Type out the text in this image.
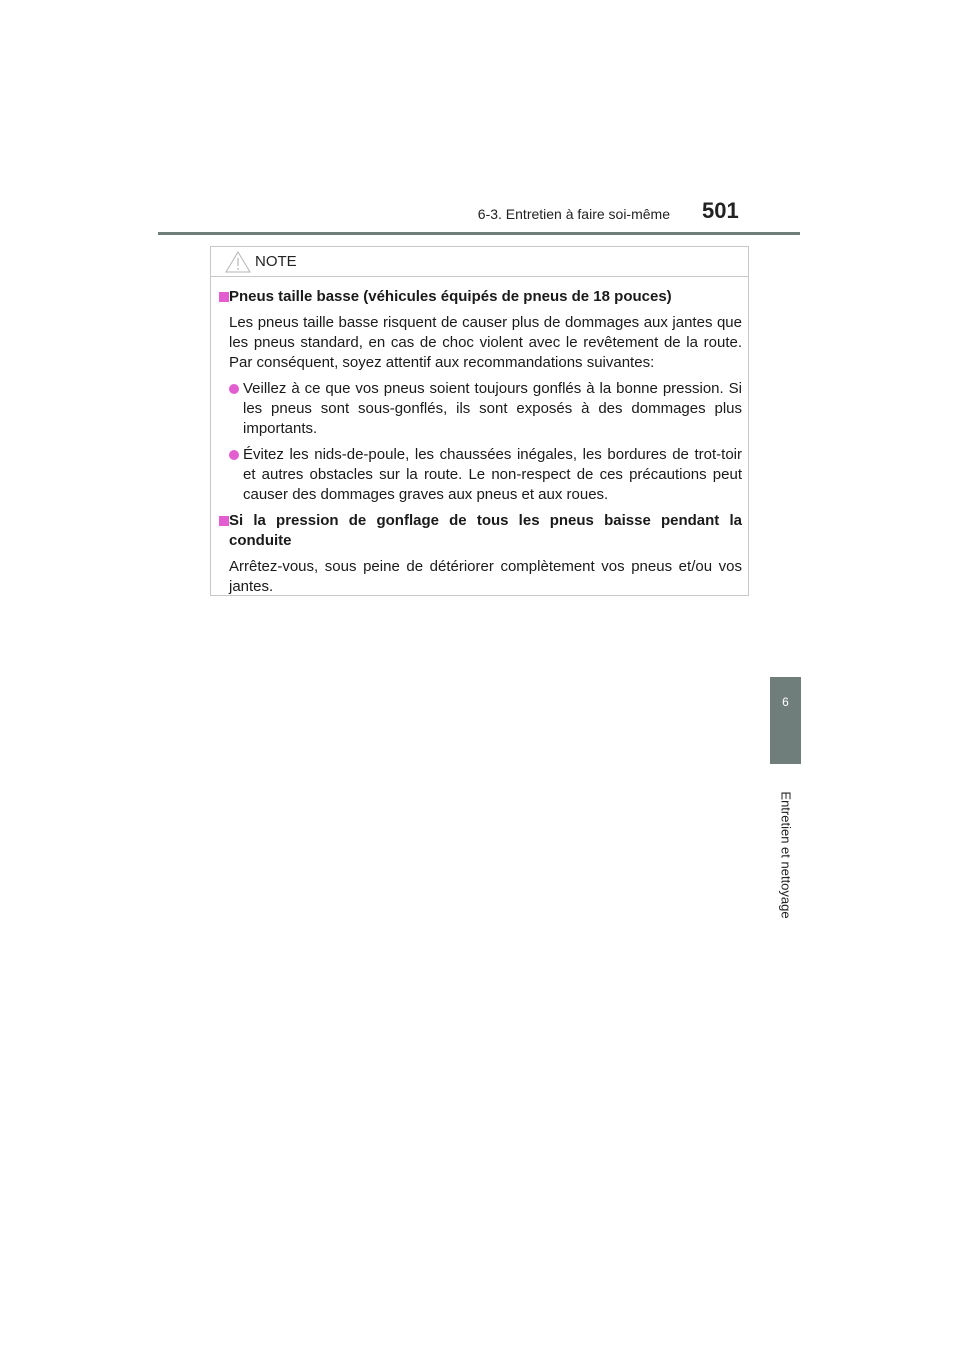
6-3. Entretien à faire soi-même 501
6
Entretien et nettoyage
NOTE
Pneus taille basse (véhicules équipés de pneus de 18 pouces)
Les pneus taille basse risquent de causer plus de dommages aux jantes que les pneus standard, en cas de choc violent avec le revêtement de la route. Par conséquent, soyez attentif aux recommandations suivantes:
Veillez à ce que vos pneus soient toujours gonflés à la bonne pression. Si les pneus sont sous-gonflés, ils sont exposés à des dommages plus importants.
Évitez les nids-de-poule, les chaussées inégales, les bordures de trot-toir et autres obstacles sur la route. Le non-respect de ces précautions peut causer des dommages graves aux pneus et aux roues.
Si la pression de gonflage de tous les pneus baisse pendant la conduite
Arrêtez-vous, sous peine de détériorer complètement vos pneus et/ou vos jantes.
